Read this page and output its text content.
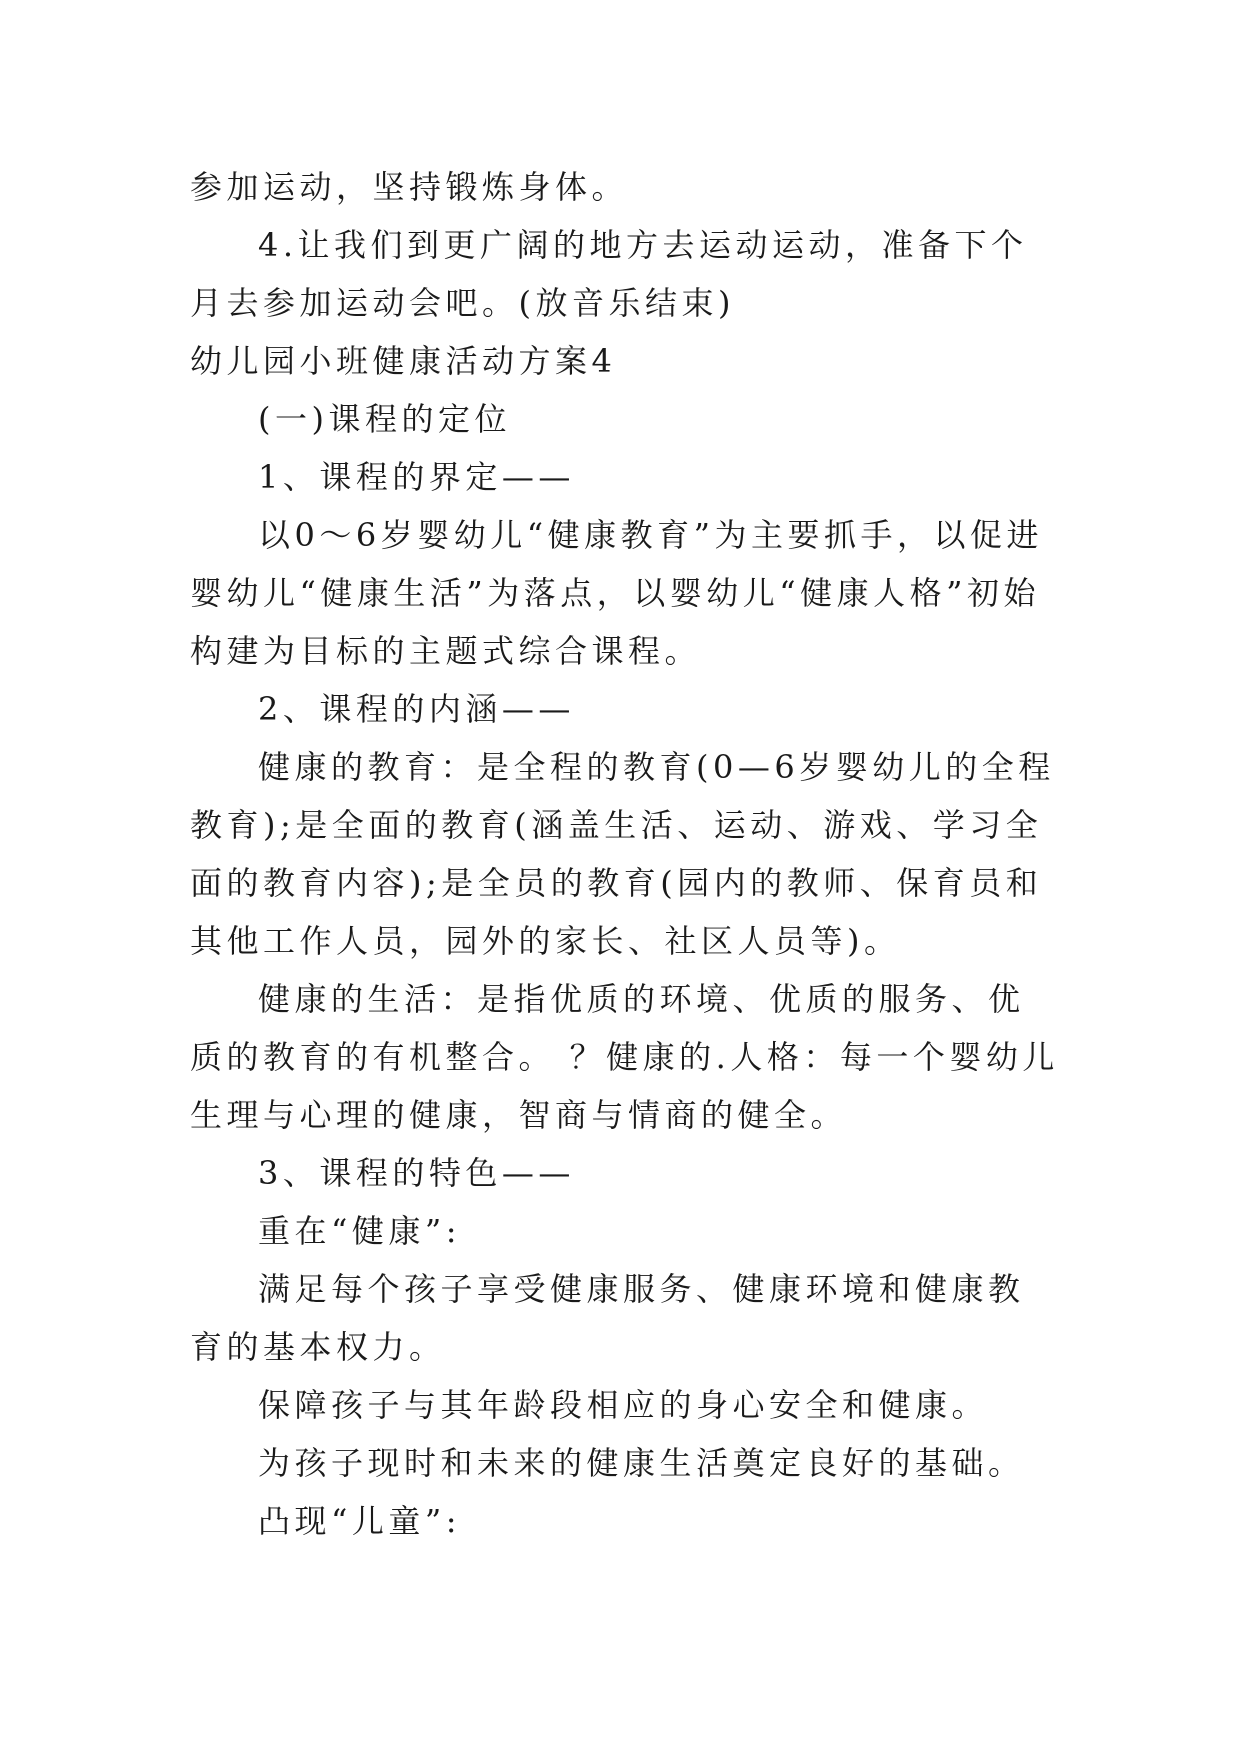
参加运动，坚持锻炼身体。

4.让我们到更广阔的地方去运动运动，准备下个月去参加运动会吧。(放音乐结束)

幼儿园小班健康活动方案4

(一)课程的定位

1、课程的界定——

以0～6岁婴幼儿“健康教育”为主要抓手，以促进婴幼儿“健康生活”为落点，以婴幼儿“健康人格”初始构建为目标的主题式综合课程。

2、课程的内涵——

健康的教育：是全程的教育(0—6岁婴幼儿的全程教育);是全面的教育(涵盖生活、运动、游戏、学习全面的教育内容);是全员的教育(园内的教师、保育员和其他工作人员，园外的家长、社区人员等)。

健康的生活：是指优质的环境、优质的服务、优质的教育的有机整合。 ？健康的.人格：每一个婴幼儿生理与心理的健康，智商与情商的健全。

3、课程的特色——

重在“健康”:

满足每个孩子享受健康服务、健康环境和健康教育的基本权力。

保障孩子与其年龄段相应的身心安全和健康。

为孩子现时和未来的健康生活奠定良好的基础。

凸现“儿童”:
